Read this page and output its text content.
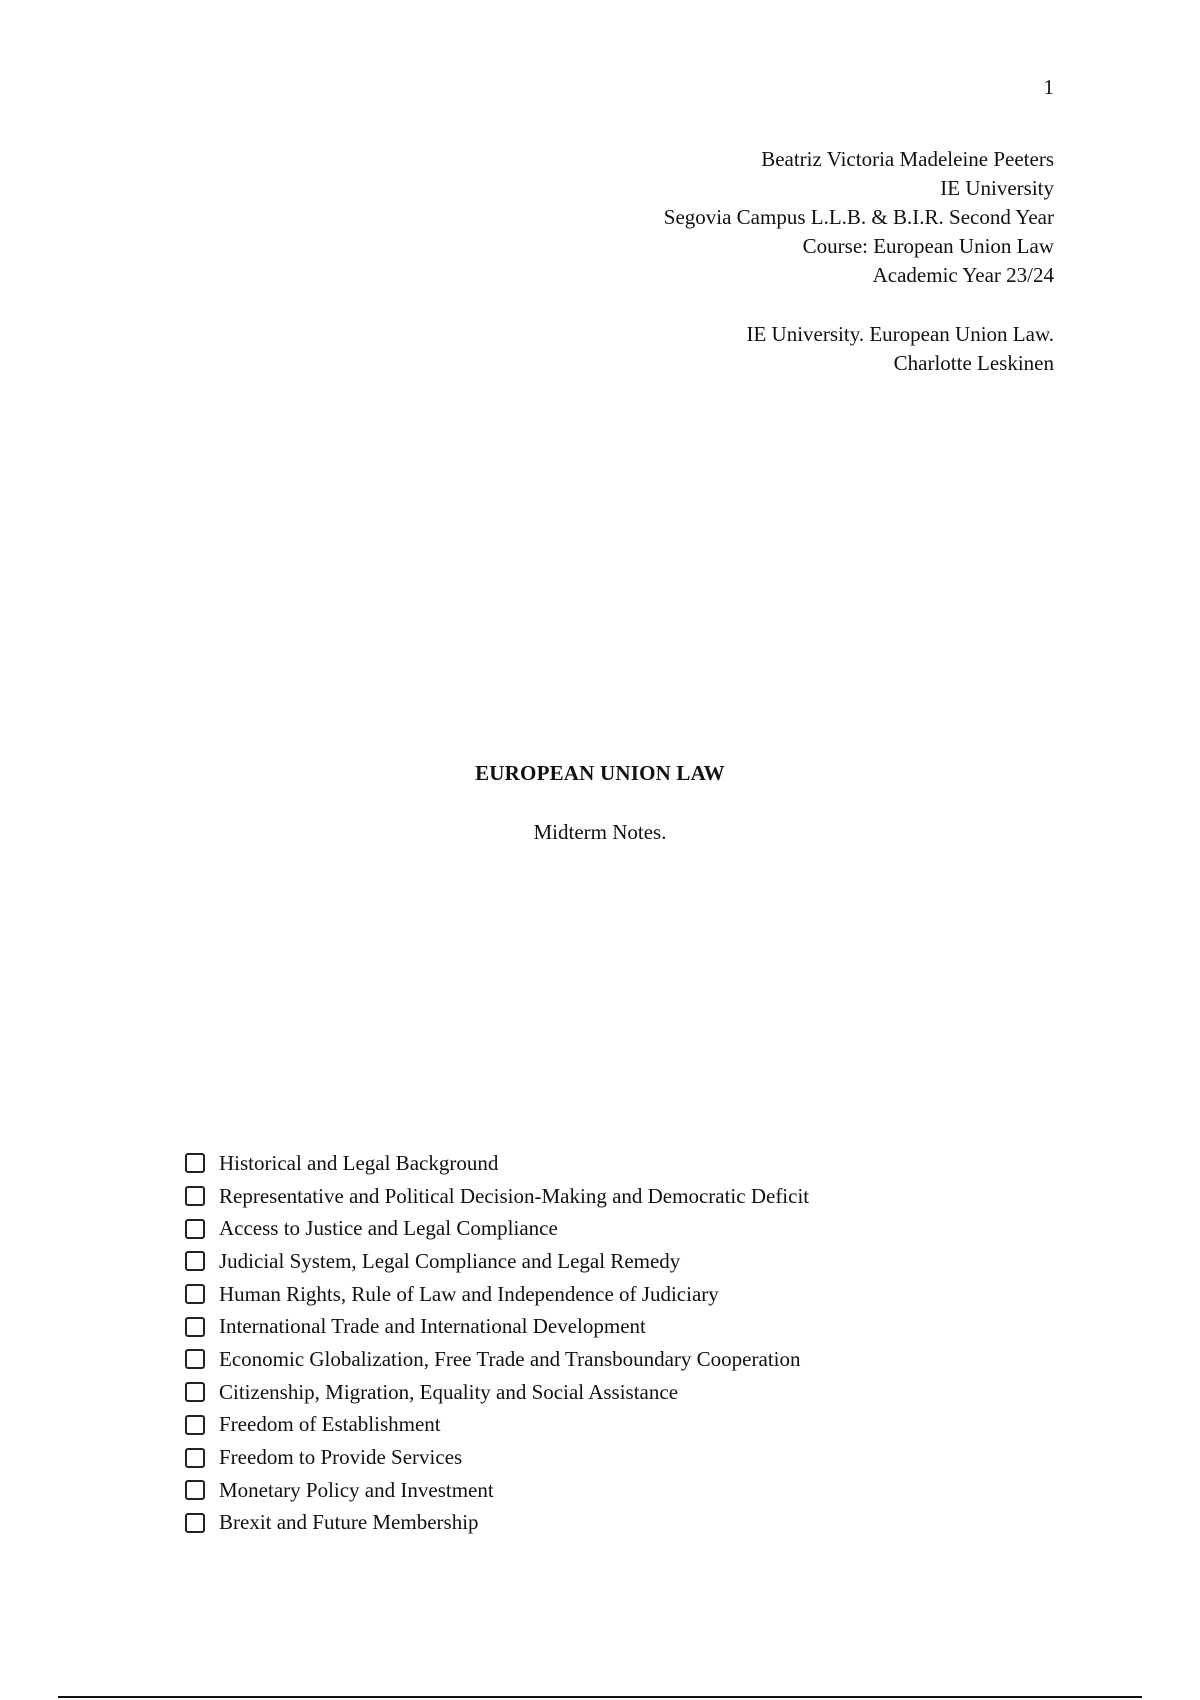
1
Beatriz Victoria Madeleine Peeters
IE University
Segovia Campus L.L.B. & B.I.R. Second Year
Course: European Union Law
Academic Year 23/24
IE University. European Union Law.
Charlotte Leskinen
EUROPEAN UNION LAW
Midterm Notes.
Historical and Legal Background
Representative and Political Decision-Making and Democratic Deficit
Access to Justice and Legal Compliance
Judicial System, Legal Compliance and Legal Remedy
Human Rights, Rule of Law and Independence of Judiciary
International Trade and International Development
Economic Globalization, Free Trade and Transboundary Cooperation
Citizenship, Migration, Equality and Social Assistance
Freedom of Establishment
Freedom to Provide Services
Monetary Policy and Investment
Brexit and Future Membership
